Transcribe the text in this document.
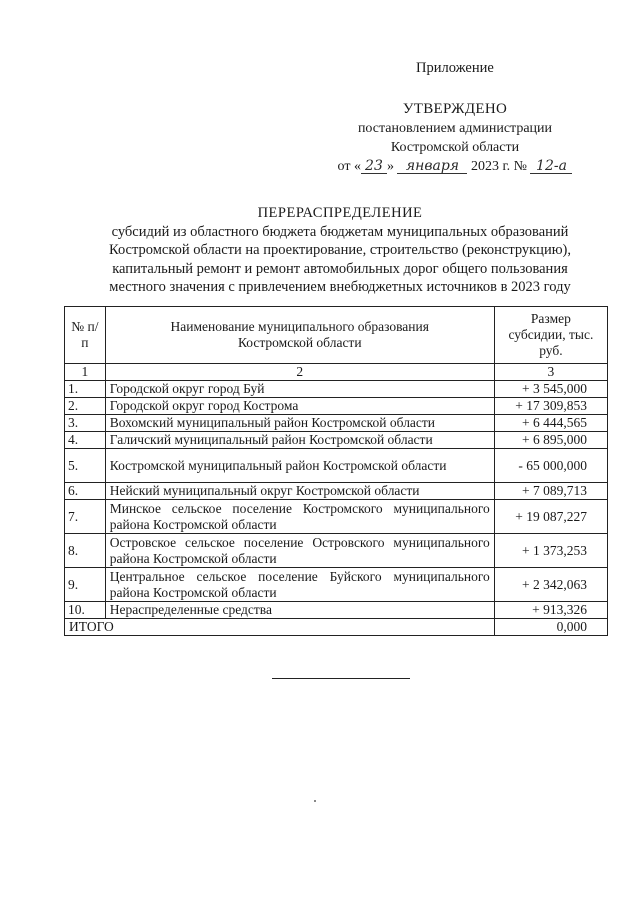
Приложение
УТВЕРЖДЕНО
постановлением администрации
Костромской области
от « 23 » января 2023 г. № 12-а
ПЕРЕРАСПРЕДЕЛЕНИЕ
субсидий из областного бюджета бюджетам муниципальных образований
Костромской области на проектирование, строительство (реконструкцию),
капитальный ремонт и ремонт автомобильных дорог общего пользования
местного значения с привлечением внебюджетных источников в 2023 году
№ п/п	Наименование муниципального образования Костромской области	Размер субсидии, тыс. руб.
1	2	3
1.	Городской округ город Буй	+ 3 545,000
2.	Городской округ город Кострома	+ 17 309,853
3.	Вохомский муниципальный район Костромской области	+ 6 444,565
4.	Галичский муниципальный район Костромской области	+ 6 895,000
5.	Костромской муниципальный район Костромской области	- 65 000,000
6.	Нейский муниципальный округ Костромской области	+ 7 089,713
7.	Минское сельское поселение Костромского муниципального района Костромской области	+ 19 087,227
8.	Островское сельское поселение Островского муниципального района Костромской области	+ 1 373,253
9.	Центральное сельское поселение Буйского муниципального района Костромской области	+ 2 342,063
10.	Нераспределенные средства	+ 913,326
ИТОГО		0,000
